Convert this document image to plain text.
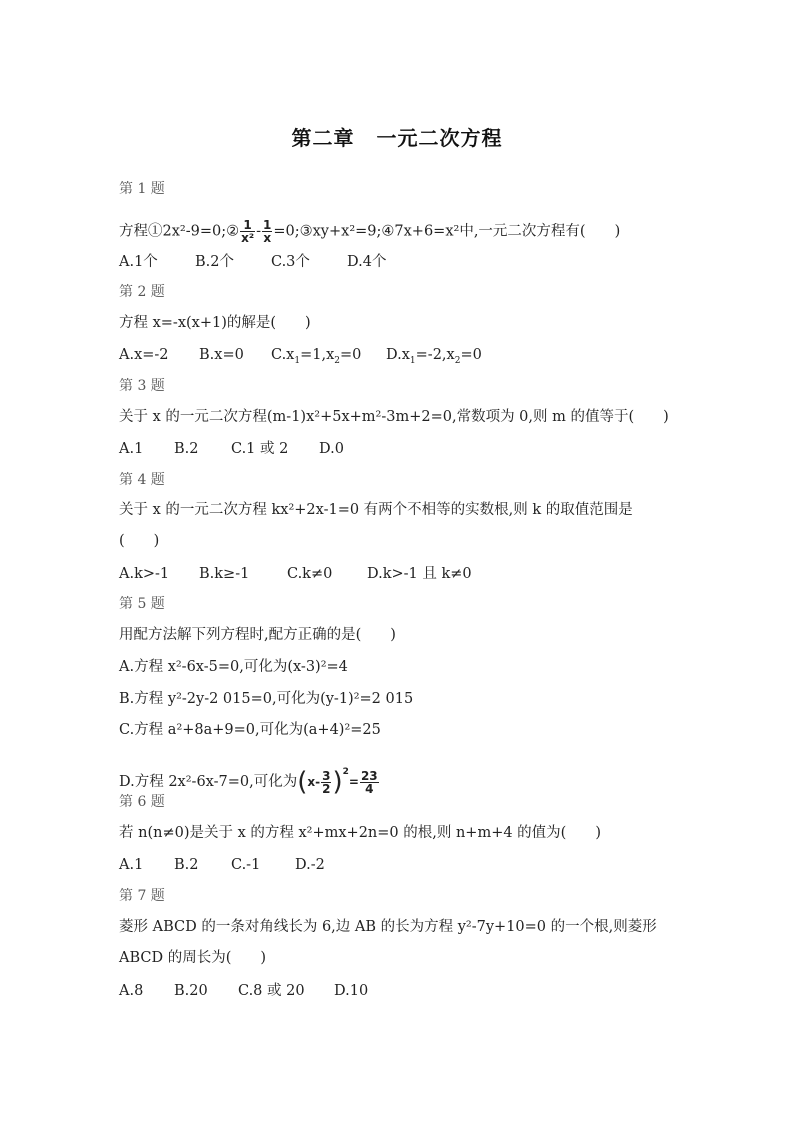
第二章 一元二次方程
第 1 题
方程①2x²-9=0;② $\frac{1}{\text{x²}} - \frac{1}{x}$ =0;③xy+x²=9;④7x+6=x²中,一元二次方程有(　　)
A.1个	B.2个	C.3个	D.4个
第 2 题
方程 x=-x(x+1)的解是(　　)
A.x=-2 B.x=0 $C.x_1=1,x_2=0$ $D.x_1=-2,x_2=0$
第 3 题
关于 x 的一元二次方程(m-1)x²+5x+m²-3m+2=0,常数项为 0,则 m 的值等于(　　)
A.1 B.2 C.1 或 2 D.0
第 4 题
关于 x 的一元二次方程 kx²+2x-1=0 有两个不相等的实数根,则 k 的取值范围是
(　　)
A.k>-1 B.k≥-1	C.k≠0 D.k>-1 且 k≠0
第 5 题
用配方法解下列方程时,配方正确的是(　　)
A.方程 x²-6x-5=0,可化为(x-3)²=4
B.方程 y²-2y-2 015=0,可化为(y-1)²=2 015
C.方程 a²+8a+9=0,可化为(a+4)²=25
D.方程 2x²-6x-7=0,可化为$(x- \frac{3}{2} )^2= \frac{23}{4}$
第 6 题
若 n(n≠0)是关于 x 的方程 x²+mx+2n=0 的根,则 n+m+4 的值为(　　)
A.1 B.2 C.-1 D.-2
第 7 题
菱形 ABCD 的一条对角线长为 6,边 AB 的长为方程 y²-7y+10=0 的一个根,则菱形
ABCD 的周长为(　　)
A.8 B.20 C.8 或 20 D.10
